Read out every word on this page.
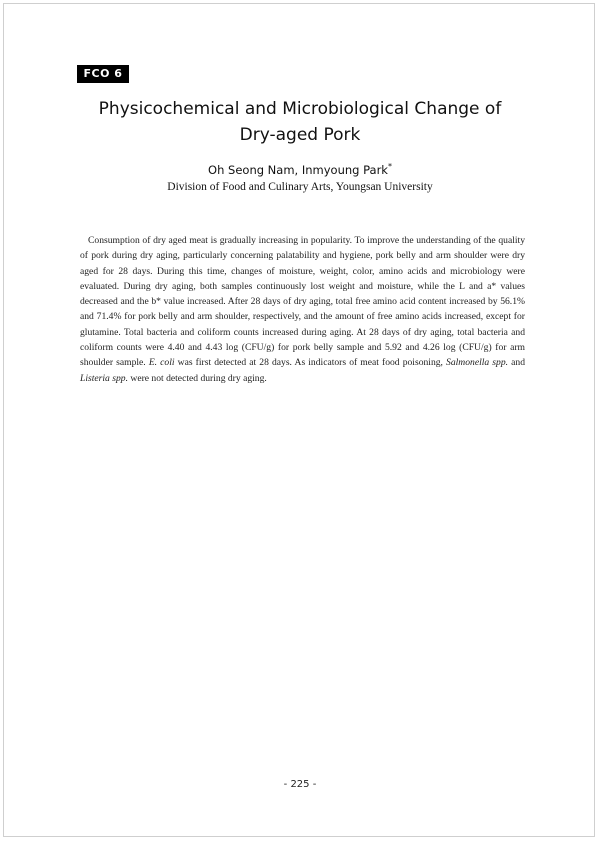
FCO 6
Physicochemical and Microbiological Change of
Dry-aged Pork
Oh Seong Nam, Inmyoung Park*
Division of Food and Culinary Arts, Youngsan University

Consumption of dry aged meat is gradually increasing in popularity. To improve the understanding of the quality of pork during dry aging, particularly concerning palatability and hygiene, pork belly and arm shoulder were dry aged for 28 days. During this time, changes of moisture, weight, color, amino acids and microbiology were evaluated. During dry aging, both samples continuously lost weight and moisture, while the L and a* values decreased and the b* value increased. After 28 days of dry aging, total free amino acid content increased by 56.1% and 71.4% for pork belly and arm shoulder, respectively, and the amount of free amino acids increased, except for glutamine. Total bacteria and coliform counts increased during aging. At 28 days of dry aging, total bacteria and coliform counts were 4.40 and 4.43 log (CFU/g) for pork belly sample and 5.92 and 4.26 log (CFU/g) for arm shoulder sample. E. coli was first detected at 28 days. As indicators of meat food poisoning, Salmonella spp. and Listeria spp. were not detected during dry aging.

- 225 -
